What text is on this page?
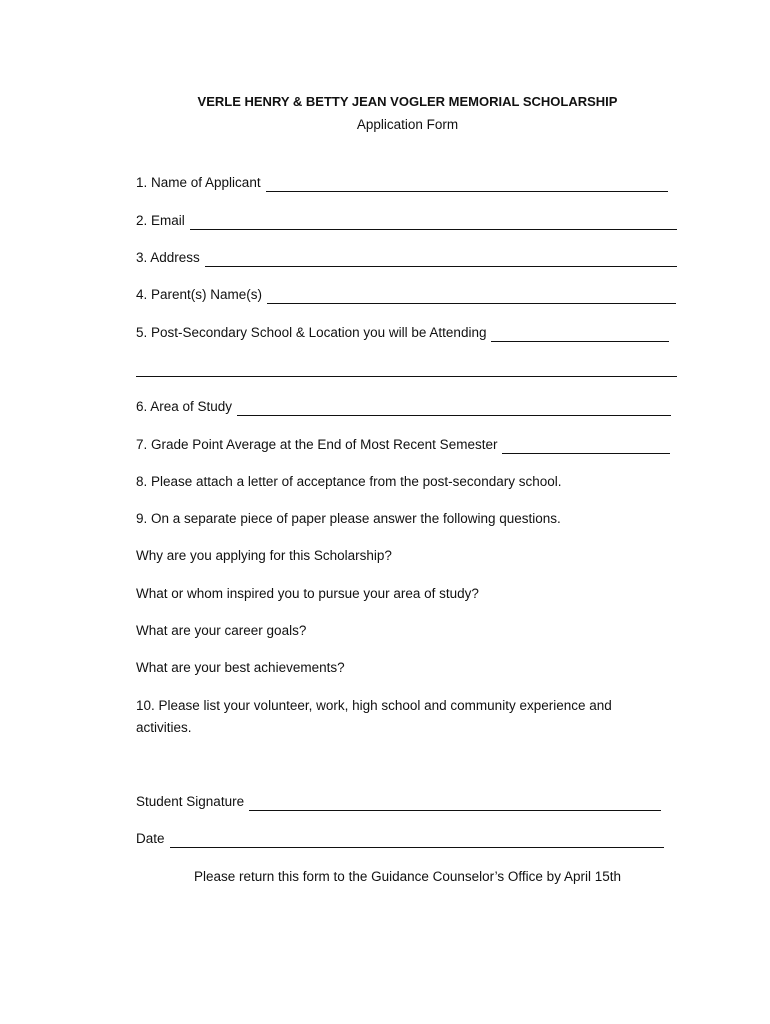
VERLE HENRY & BETTY JEAN VOGLER MEMORIAL SCHOLARSHIP
Application Form
1. Name of Applicant
2. Email
3. Address
4. Parent(s) Name(s)
5. Post-Secondary School & Location you will be Attending
6. Area of Study
7. Grade Point Average at the End of Most Recent Semester
8. Please attach a letter of acceptance from the post-secondary school.
9. On a separate piece of paper please answer the following questions.
Why are you applying for this Scholarship?
What or whom inspired you to pursue your area of study?
What are your career goals?
What are your best achievements?
10. Please list your volunteer, work, high school and community experience and activities.
Student Signature
Date
Please return this form to the Guidance Counselor’s Office by April 15th
